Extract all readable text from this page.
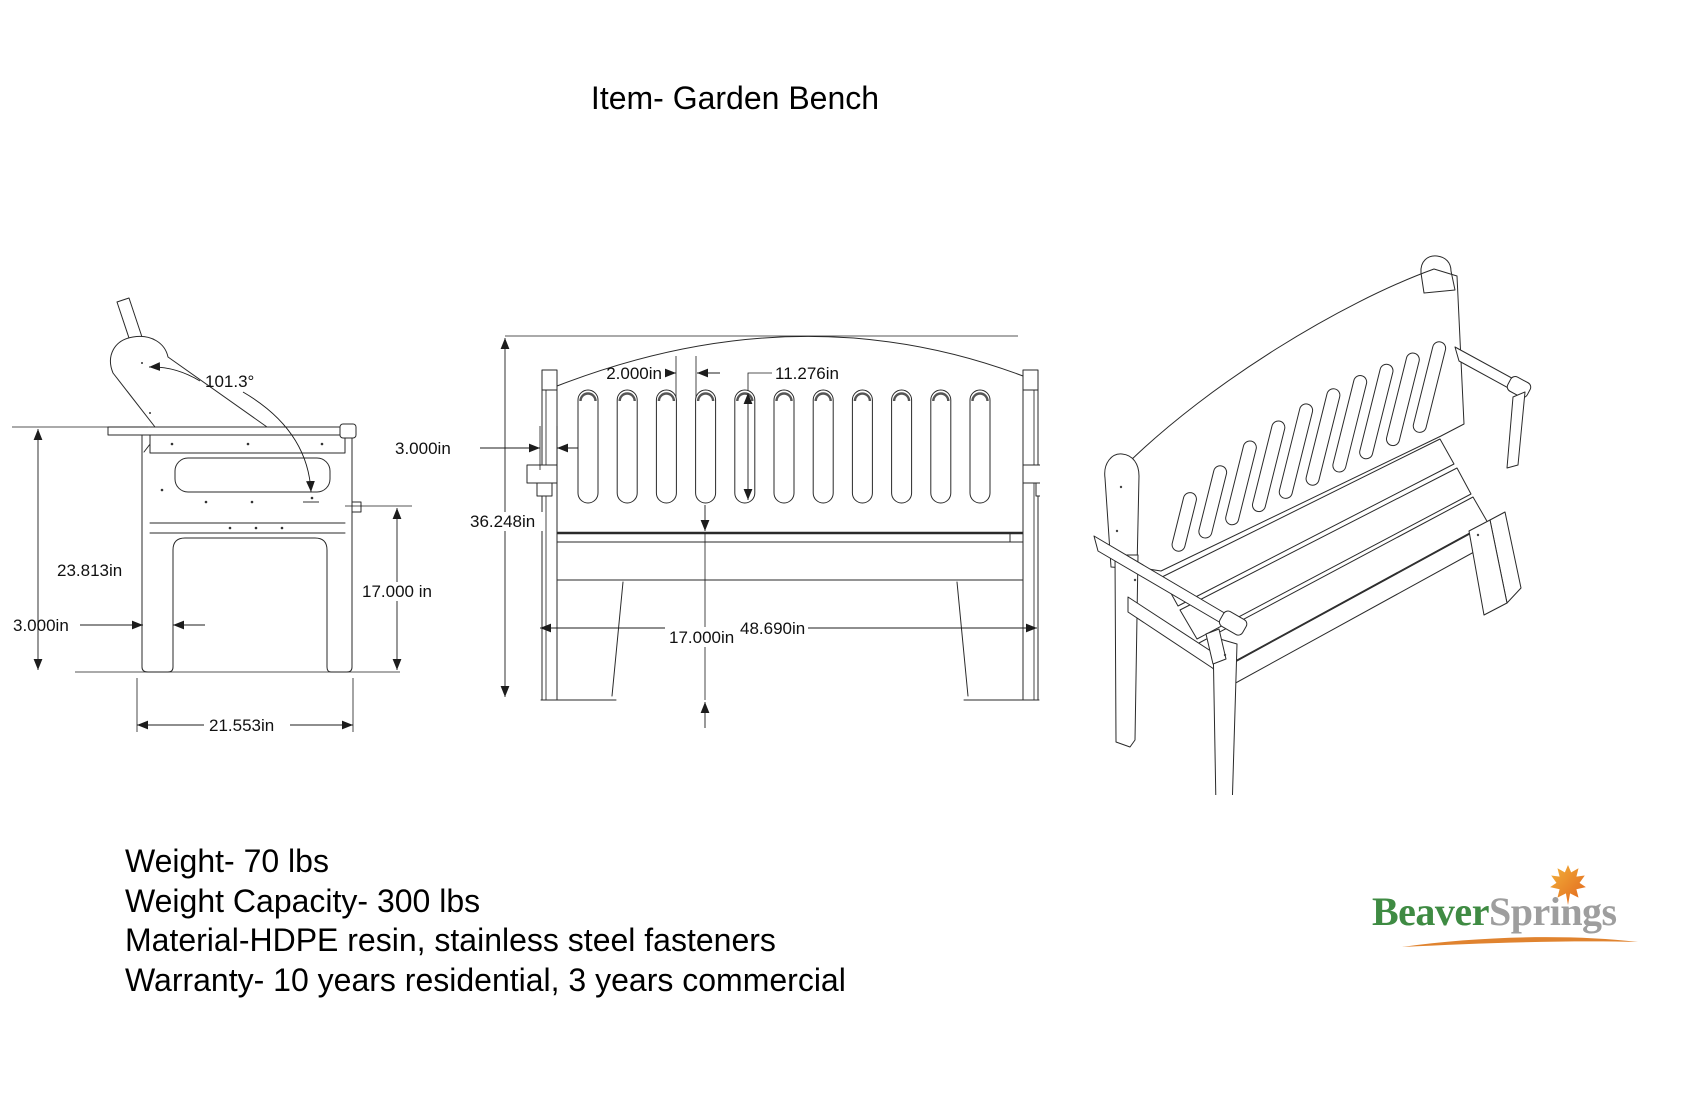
Item- Garden Bench
23.813in
3.000in
17.000 in
21.553in
101.3°
36.248in
2.000in	11.276in
3.000in
17.000in 48.690in
Weight- 70 lbs
Weight Capacity- 300 lbs
Material-HDPE resin, stainless steel fasteners
Warranty- 10 years residential, 3 years commercial
BeaverSprings
